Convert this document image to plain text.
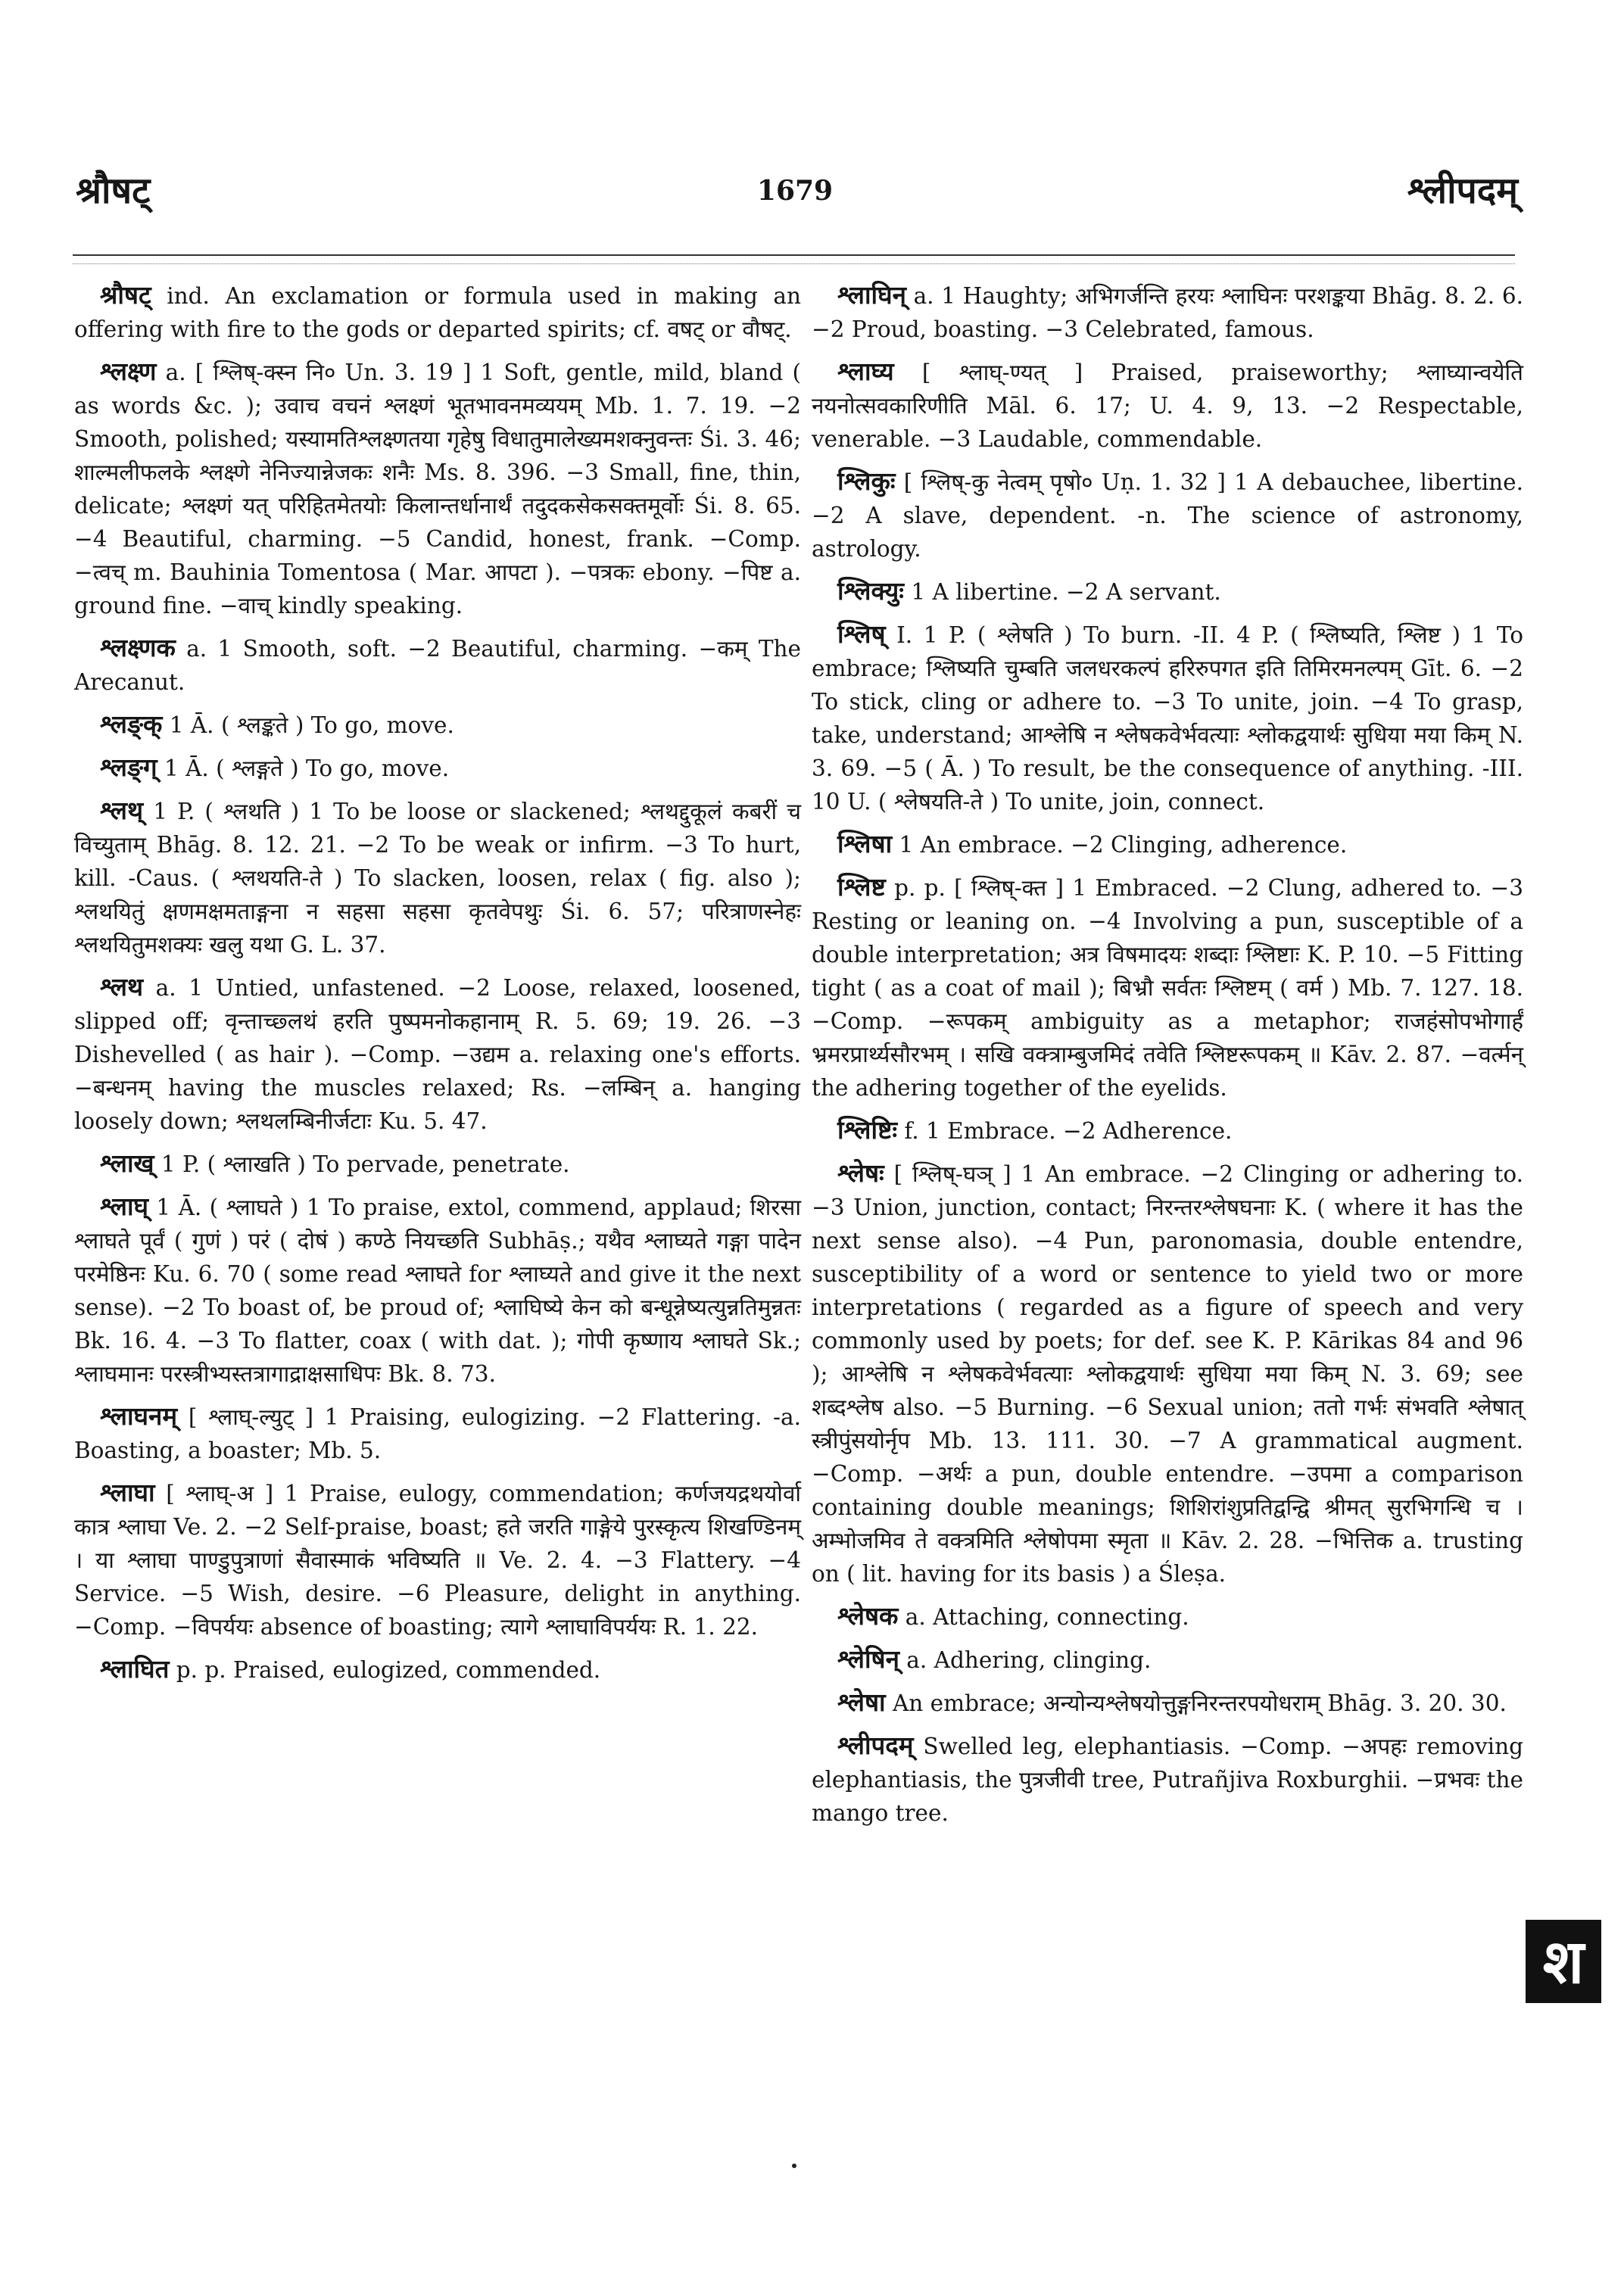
श्रौषट्	1679	श्लीपदम्

श्रौषट् ind. An exclamation or formula used in making an offering with fire to the gods or departed spirits; cf. वषट् or वौषट्.

श्लक्ष्ण a. [ श्लिष्-क्स्न नि० Un. 3. 19 ] 1 Soft, gentle, mild, bland ( as words &c. ); उवाच वचनं श्लक्ष्णं भूतभावनमव्ययम् Mb. 1. 7. 19. −2 Smooth, polished; यस्यामतिश्लक्ष्णतया गृहेषु विधातुमालेख्यमशक्नुवन्तः Śi. 3. 46; शाल्मलीफलके श्लक्ष्णे नेनिज्यान्नेजकः शनैः Ms. 8. 396. −3 Small, fine, thin, delicate; श्लक्ष्णं यत् परिहितमेतयोः किलान्तर्धानार्थं तदुदकसेकसक्तमूर्वोः Śi. 8. 65. −4 Beautiful, charming. −5 Candid, honest, frank. −Comp. −त्वच् m. Bauhinia Tomentosa ( Mar. आपटा ). −पत्रकः ebony. −पिष्ट a. ground fine. −वाच् kindly speaking.

श्लक्ष्णक a. 1 Smooth, soft. −2 Beautiful, charming. −कम् The Arecanut.

श्लङ्क् 1 Ā. ( श्लङ्कते ) To go, move.

श्लङ्ग् 1 Ā. ( श्लङ्गते ) To go, move.

श्लथ् 1 P. ( श्लथति ) 1 To be loose or slackened; श्लथद्दुकूलं कबरीं च विच्युताम् Bhāg. 8. 12. 21. −2 To be weak or infirm. −3 To hurt, kill. -Caus. ( श्लथयति-ते ) To slacken, loosen, relax ( fig. also ); श्लथयितुं क्षणमक्षमताङ्गना न सहसा सहसा कृतवेपथुः Śi. 6. 57; परित्राणस्नेहः श्लथयितुमशक्यः खलु यथा G. L. 37.

श्लथ a. 1 Untied, unfastened. −2 Loose, relaxed, loosened, slipped off; वृन्ताच्छ्लथं हरति पुष्पमनोकहानाम् R. 5. 69; 19. 26. −3 Dishevelled ( as hair ). −Comp. −उद्यम a. relaxing one's efforts. −बन्धनम् having the muscles relaxed; Rs. −लम्बिन् a. hanging loosely down; श्लथलम्बिनीर्जटाः Ku. 5. 47.

श्लाख् 1 P. ( श्लाखति ) To pervade, penetrate.

श्लाघ् 1 Ā. ( श्लाघते ) 1 To praise, extol, commend, applaud; शिरसा श्लाघते पूर्वं ( गुणं ) परं ( दोषं ) कण्ठे नियच्छति Subhāṣ.; यथैव श्लाघ्यते गङ्गा पादेन परमेष्ठिनः Ku. 6. 70 ( some read श्लाघते for श्लाघ्यते and give it the next sense). −2 To boast of, be proud of; श्लाघिष्ये केन को बन्धून्नेष्यत्युन्नतिमुन्नतः Bk. 16. 4. −3 To flatter, coax ( with dat. ); गोपी कृष्णाय श्लाघते Sk.; श्लाघमानः परस्त्रीभ्यस्तत्रागाद्राक्षसाधिपः Bk. 8. 73.

श्लाघनम् [ श्लाघ्-ल्युट् ] 1 Praising, eulogizing. −2 Flattering. -a. Boasting, a boaster; Mb. 5.

श्लाघा [ श्लाघ्-अ ] 1 Praise, eulogy, commendation; कर्णजयद्रथयोर्वा कात्र श्लाघा Ve. 2. −2 Self-praise, boast; हते जरति गाङ्गेये पुरस्कृत्य शिखण्डिनम् । या श्लाघा पाण्डुपुत्राणां सैवास्माकं भविष्यति ॥ Ve. 2. 4. −3 Flattery. −4 Service. −5 Wish, desire. −6 Pleasure, delight in anything. −Comp. −विपर्ययः absence of boasting; त्यागे श्लाघाविपर्ययः R. 1. 22.

श्लाघित p. p. Praised, eulogized, commended.

श्लाघिन् a. 1 Haughty; अभिगर्जन्ति हरयः श्लाघिनः परशङ्कया Bhāg. 8. 2. 6. −2 Proud, boasting. −3 Celebrated, famous.

श्लाघ्य [ श्लाघ्-ण्यत् ] Praised, praiseworthy; श्लाघ्यान्वयेति नयनोत्सवकारिणीति Māl. 6. 17; U. 4. 9, 13. −2 Respectable, venerable. −3 Laudable, commendable.

श्लिकुः [ श्लिष्-कु नेत्वम् पृषो० Uṇ. 1. 32 ] 1 A debauchee, libertine. −2 A slave, dependent. -n. The science of astronomy, astrology.

श्लिक्युः 1 A libertine. −2 A servant.

श्लिष् I. 1 P. ( श्लेषति ) To burn. -II. 4 P. ( श्लिष्यति, श्लिष्ट ) 1 To embrace; श्लिष्यति चुम्बति जलधरकल्पं हरिरुपगत इति तिमिरमनल्पम् Gīt. 6. −2 To stick, cling or adhere to. −3 To unite, join. −4 To grasp, take, understand; आश्लेषि न श्लेषकवेर्भवत्याः श्लोकद्वयार्थः सुधिया मया किम् N. 3. 69. −5 ( Ā. ) To result, be the consequence of anything. -III. 10 U. ( श्लेषयति-ते ) To unite, join, connect.

श्लिषा 1 An embrace. −2 Clinging, adherence.

श्लिष्ट p. p. [ श्लिष्-क्त ] 1 Embraced. −2 Clung, adhered to. −3 Resting or leaning on. −4 Involving a pun, susceptible of a double interpretation; अत्र विषमादयः शब्दाः श्लिष्टाः K. P. 10. −5 Fitting tight ( as a coat of mail ); बिभ्रौ सर्वतः श्लिष्टम् ( वर्म ) Mb. 7. 127. 18. −Comp. −रूपकम् ambiguity as a metaphor; राजहंसोपभोगार्हं भ्रमरप्रार्थ्यसौरभम् । सखि वक्त्राम्बुजमिदं तवेति श्लिष्टरूपकम् ॥ Kāv. 2. 87. −वर्त्मन् the adhering together of the eyelids.

श्लिष्टिः f. 1 Embrace. −2 Adherence.

श्लेषः [ श्लिष्-घञ् ] 1 An embrace. −2 Clinging or adhering to. −3 Union, junction, contact; निरन्तरश्लेषघनाः K. ( where it has the next sense also). −4 Pun, paronomasia, double entendre, susceptibility of a word or sentence to yield two or more interpretations ( regarded as a figure of speech and very commonly used by poets; for def. see K. P. Kārikas 84 and 96 ); आश्लेषि न श्लेषकवेर्भवत्याः श्लोकद्वयार्थः सुधिया मया किम् N. 3. 69; see शब्दश्लेष also. −5 Burning. −6 Sexual union; ततो गर्भः संभवति श्लेषात् स्त्रीपुंसयोर्नृप Mb. 13. 111. 30. −7 A grammatical augment. −Comp. −अर्थः a pun, double entendre. −उपमा a comparison containing double meanings; शिशिरांशुप्रतिद्वन्द्वि श्रीमत् सुरभिगन्धि च । अम्भोजमिव ते वक्त्रमिति श्लेषोपमा स्मृता ॥ Kāv. 2. 28. −भित्तिक a. trusting on ( lit. having for its basis ) a Śleṣa.

श्लेषक a. Attaching, connecting.

श्लेषिन् a. Adhering, clinging.

श्लेषा An embrace; अन्योन्यश्लेषयोत्तुङ्गनिरन्तरपयोधराम् Bhāg. 3. 20. 30.

श्लीपदम् Swelled leg, elephantiasis. −Comp. −अपहः removing elephantiasis, the पुत्रजीवी tree, Putrañjiva Roxburghii. −प्रभवः the mango tree.

श
